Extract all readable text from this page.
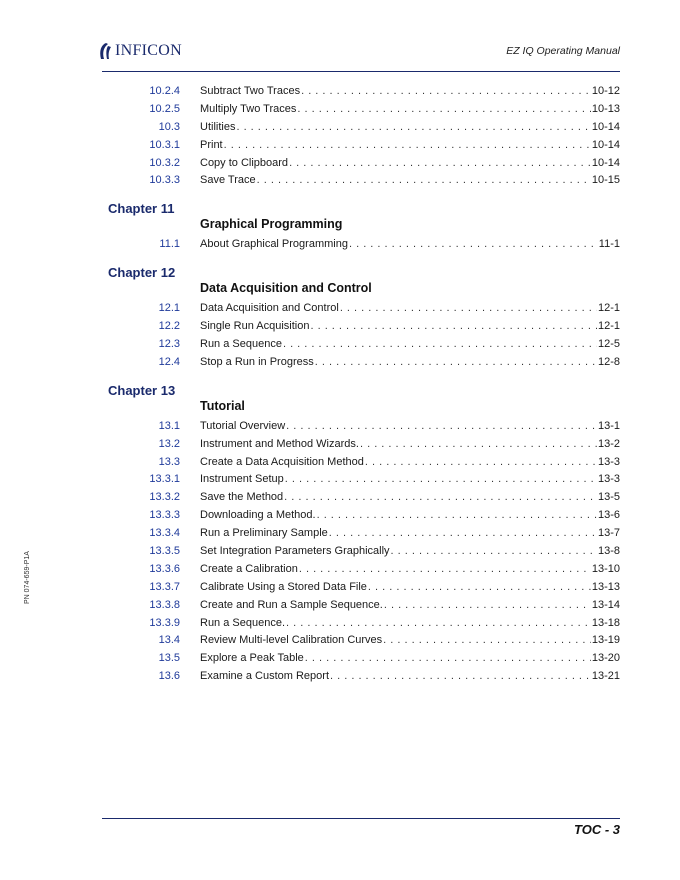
INFICON	EZ IQ Operating Manual
PN 074-659-P1A
10.2.4 Subtract Two Traces . . .	10-12
10.2.5 Multiply Two Traces . . .	10-13
10.3 Utilities . . .	10-14
10.3.1 Print . . .	10-14
10.3.2 Copy to Clipboard . . .	10-14
10.3.3 Save Trace . . .	10-15
Chapter 11
Graphical Programming
11.1 About Graphical Programming . . .	11-1
Chapter 12
Data Acquisition and Control
12.1 Data Acquisition and Control . . .	12-1
12.2 Single Run Acquisition . . .	12-1
12.3 Run a Sequence . . .	12-5
12.4 Stop a Run in Progress . . .	12-8
Chapter 13
Tutorial
13.1 Tutorial Overview . . .	13-1
13.2 Instrument and Method Wizards. . . .	13-2
13.3 Create a Data Acquisition Method . . .	13-3
13.3.1 Instrument Setup . . .	13-3
13.3.2 Save the Method . . .	13-5
13.3.3 Downloading a Method. . . .	13-6
13.3.4 Run a Preliminary Sample . . .	13-7
13.3.5 Set Integration Parameters Graphically . . .	13-8
13.3.6 Create a Calibration . . .	13-10
13.3.7 Calibrate Using a Stored Data File . . .	13-13
13.3.8 Create and Run a Sample Sequence. . . .	13-14
13.3.9 Run a Sequence. . . .	13-18
13.4 Review Multi-level Calibration Curves . . .	13-19
13.5 Explore a Peak Table . . .	13-20
13.6 Examine a Custom Report . . .	13-21
TOC - 3
